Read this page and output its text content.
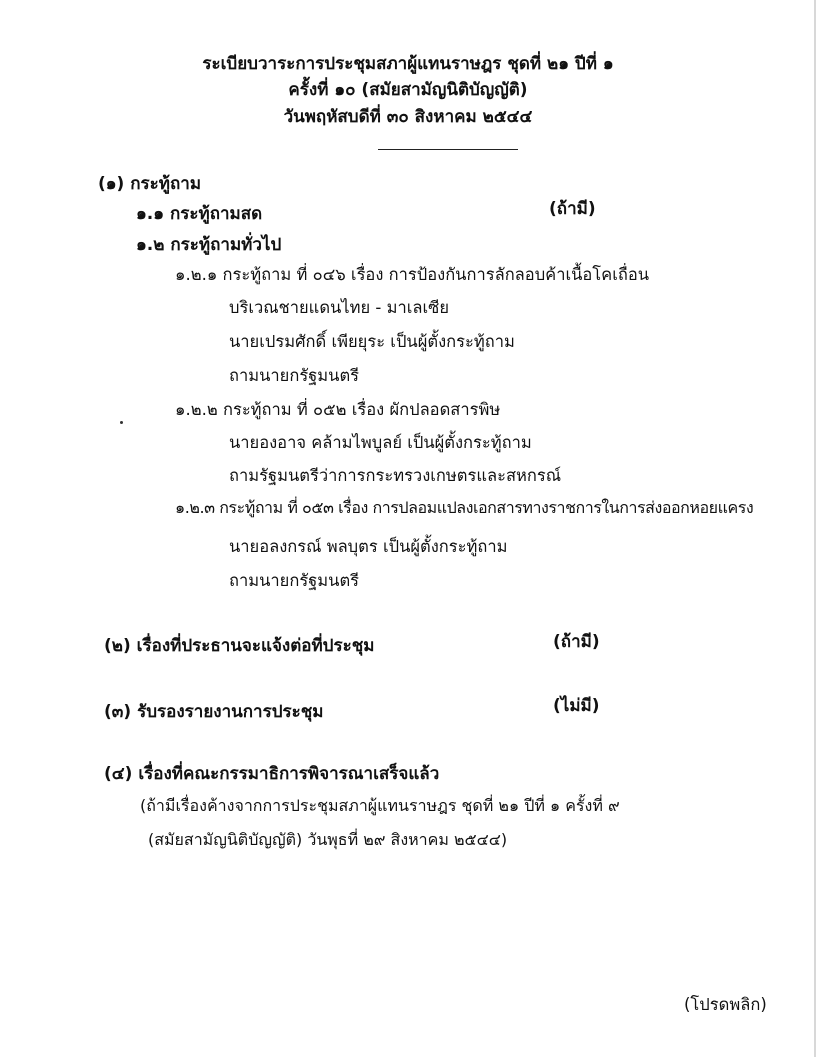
ระเบียบวาระการประชุมสภาผู้แทนราษฎร ชุดที่ ๒๑ ปีที่ ๑
ครั้งที่ ๑๐ (สมัยสามัญนิติบัญญัติ)
วันพฤหัสบดีที่ ๓๐ สิงหาคม ๒๕๔๔
(๑) กระทู้ถาม
๑.๑ กระทู้ถามสด	(ถ้ามี)
๑.๒ กระทู้ถามทั่วไป
๑.๒.๑ กระทู้ถาม ที่ ๐๔๖ เรื่อง การป้องกันการลักลอบค้าเนื้อโคเถื่อน
บริเวณชายแดนไทย - มาเลเซีย
นายเปรมศักดิ์ เพียยุระ เป็นผู้ตั้งกระทู้ถาม
ถามนายกรัฐมนตรี
๑.๒.๒ กระทู้ถาม ที่ ๐๕๒ เรื่อง ผักปลอดสารพิษ
นายองอาจ คล้ามไพบูลย์ เป็นผู้ตั้งกระทู้ถาม
ถามรัฐมนตรีว่าการกระทรวงเกษตรและสหกรณ์
๑.๒.๓ กระทู้ถาม ที่ ๐๕๓ เรื่อง การปลอมแปลงเอกสารทางราชการในการส่งออกหอยแครง
นายอลงกรณ์ พลบุตร เป็นผู้ตั้งกระทู้ถาม
ถามนายกรัฐมนตรี
(๒) เรื่องที่ประธานจะแจ้งต่อที่ประชุม	(ถ้ามี)
(๓) รับรองรายงานการประชุม	(ไม่มี)
(๔) เรื่องที่คณะกรรมาธิการพิจารณาเสร็จแล้ว
(ถ้ามีเรื่องค้างจากการประชุมสภาผู้แทนราษฎร ชุดที่ ๒๑ ปีที่ ๑ ครั้งที่ ๙
(สมัยสามัญนิติบัญญัติ) วันพุธที่ ๒๙ สิงหาคม ๒๕๔๔)
(โปรดพลิก)
